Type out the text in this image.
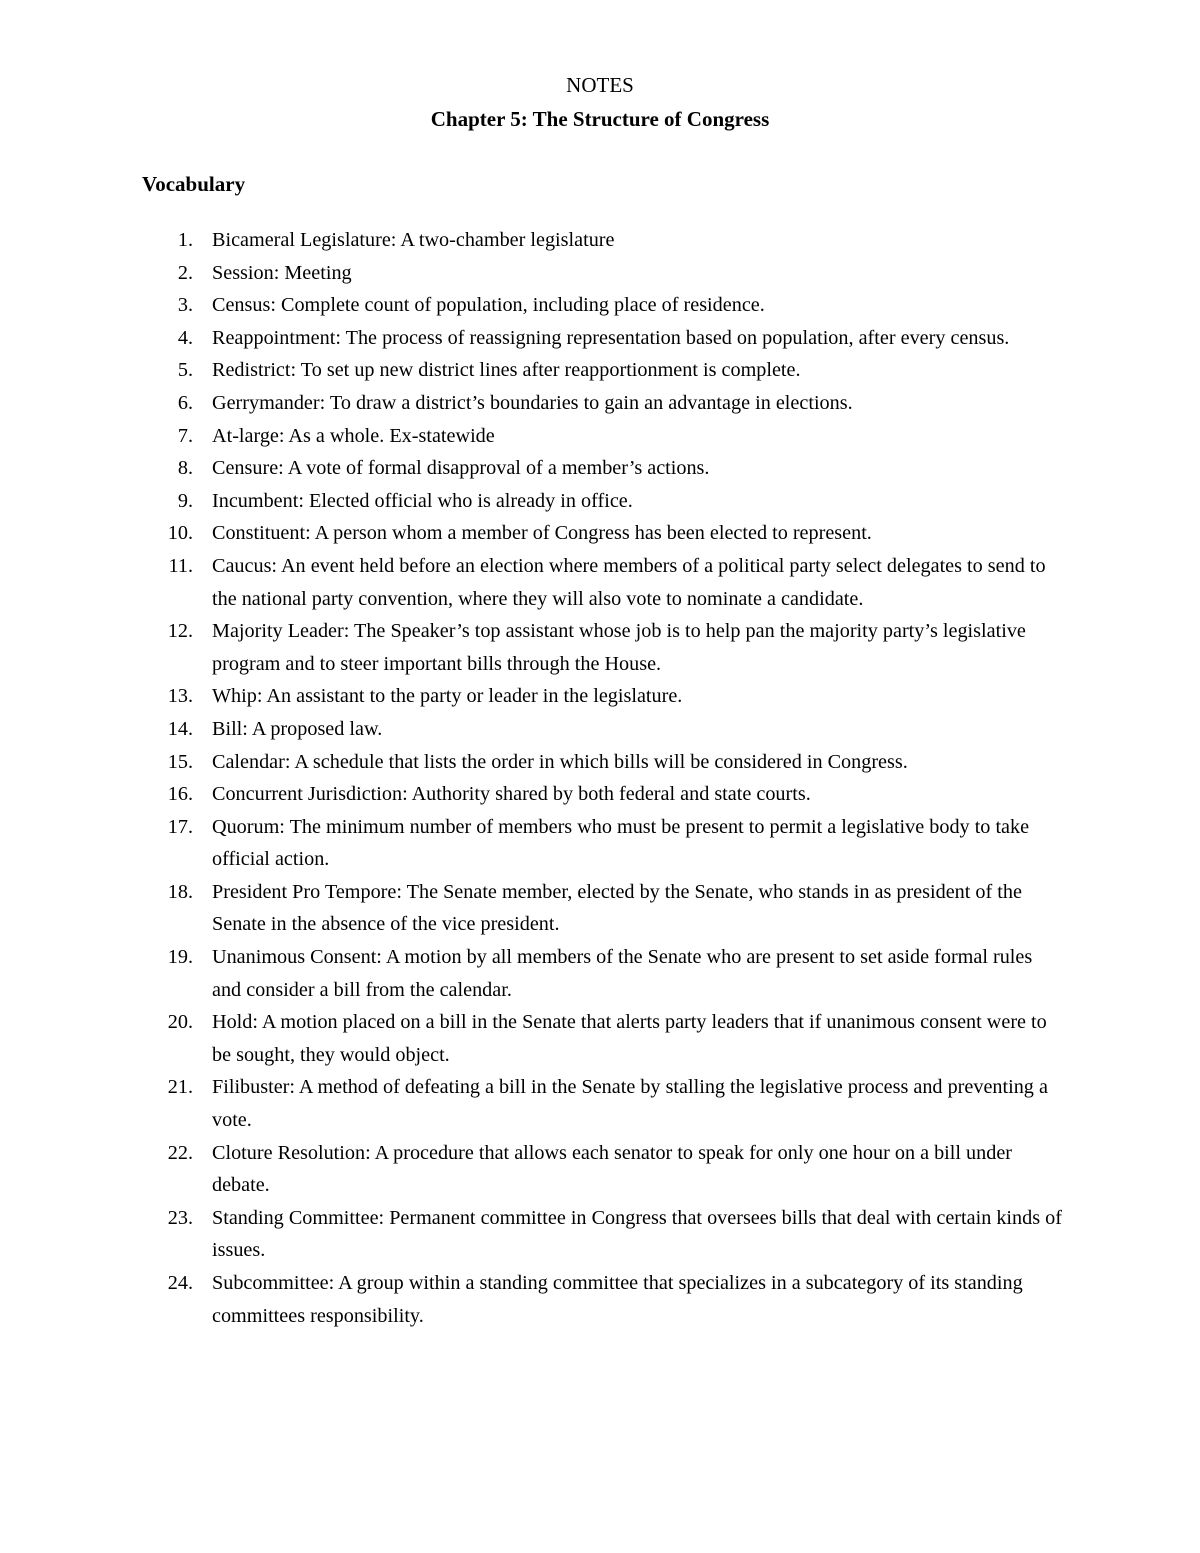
NOTES
Chapter 5: The Structure of Congress
Vocabulary
1. Bicameral Legislature: A two-chamber legislature
2. Session: Meeting
3. Census: Complete count of population, including place of residence.
4. Reappointment: The process of reassigning representation based on population, after every census.
5. Redistrict: To set up new district lines after reapportionment is complete.
6. Gerrymander: To draw a district’s boundaries to gain an advantage in elections.
7. At-large: As a whole. Ex-statewide
8. Censure: A vote of formal disapproval of a member’s actions.
9. Incumbent: Elected official who is already in office.
10. Constituent: A person whom a member of Congress has been elected to represent.
11. Caucus: An event held before an election where members of a political party select delegates to send to the national party convention, where they will also vote to nominate a candidate.
12. Majority Leader: The Speaker’s top assistant whose job is to help pan the majority party’s legislative program and to steer important bills through the House.
13. Whip: An assistant to the party or leader in the legislature.
14. Bill: A proposed law.
15. Calendar: A schedule that lists the order in which bills will be considered in Congress.
16. Concurrent Jurisdiction: Authority shared by both federal and state courts.
17. Quorum: The minimum number of members who must be present to permit a legislative body to take official action.
18. President Pro Tempore: The Senate member, elected by the Senate, who stands in as president of the Senate in the absence of the vice president.
19. Unanimous Consent: A motion by all members of the Senate who are present to set aside formal rules and consider a bill from the calendar.
20. Hold: A motion placed on a bill in the Senate that alerts party leaders that if unanimous consent were to be sought, they would object.
21. Filibuster: A method of defeating a bill in the Senate by stalling the legislative process and preventing a vote.
22. Cloture Resolution: A procedure that allows each senator to speak for only one hour on a bill under debate.
23. Standing Committee: Permanent committee in Congress that oversees bills that deal with certain kinds of issues.
24. Subcommittee: A group within a standing committee that specializes in a subcategory of its standing committees responsibility.
